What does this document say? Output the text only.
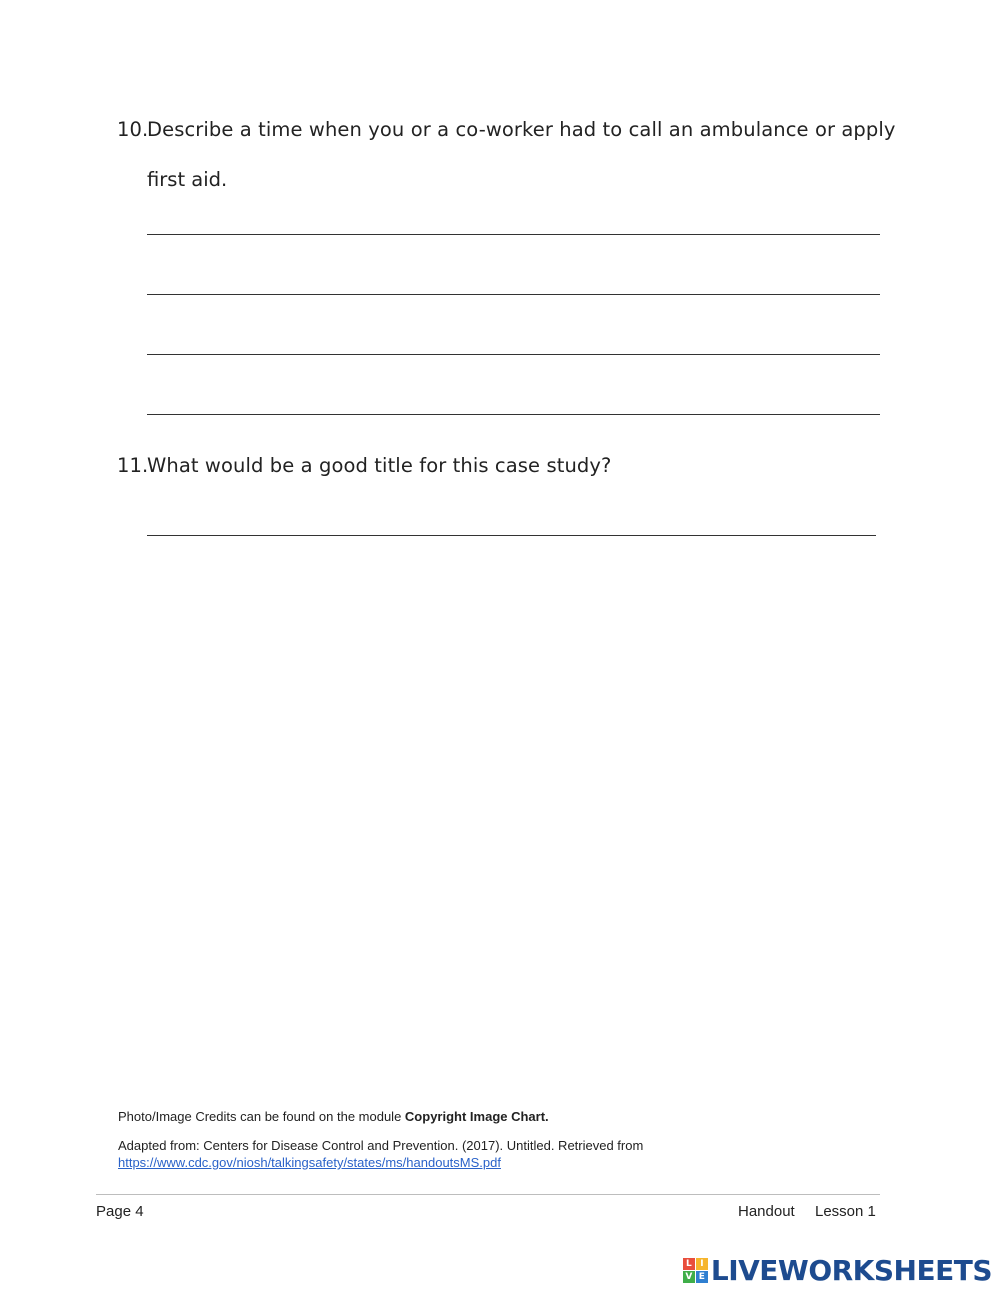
10.Describe a time when you or a co-worker had to call an ambulance or apply
first aid.
11.What would be a good title for this case study?
Photo/Image Credits can be found on the module Copyright Image Chart.
Adapted from: Centers for Disease Control and Prevention. (2017). Untitled. Retrieved from
https://www.cdc.gov/niosh/talkingsafety/states/ms/handoutsMS.pdf
Page 4	Handout Lesson 1
L I
V E LIVEWORKSHEETS
